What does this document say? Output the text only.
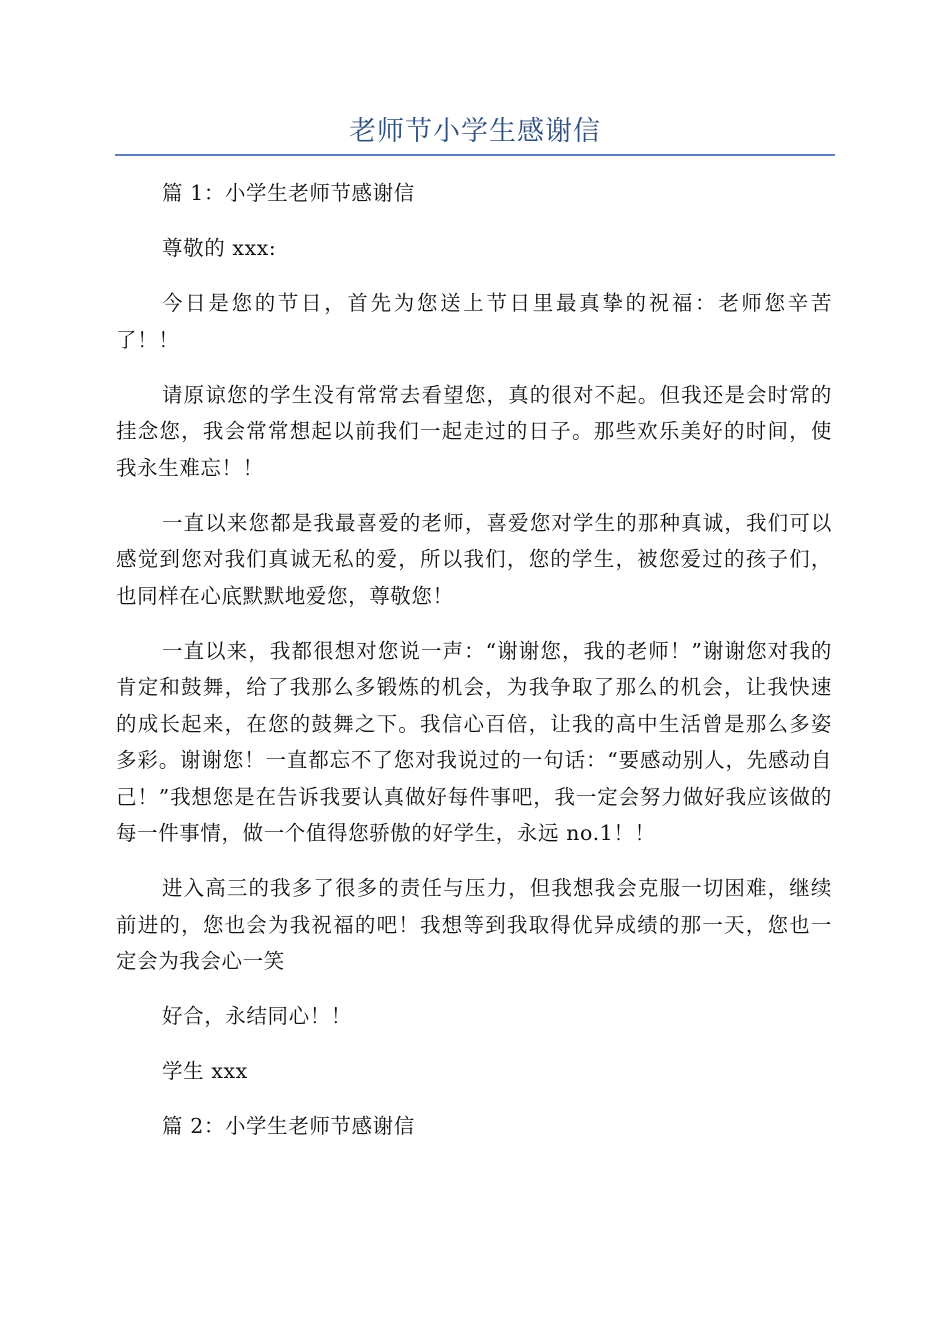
老师节小学生感谢信

篇 1：小学生老师节感谢信

尊敬的 xxx:

今日是您的节日，首先为您送上节日里最真挚的祝福：老师您辛苦了！！

请原谅您的学生没有常常去看望您，真的很对不起。但我还是会时常的挂念您，我会常常想起以前我们一起走过的日子。那些欢乐美好的时间，使我永生难忘！！

一直以来您都是我最喜爱的老师，喜爱您对学生的那种真诚，我们可以感觉到您对我们真诚无私的爱，所以我们，您的学生，被您爱过的孩子们，也同样在心底默默地爱您，尊敬您！

一直以来，我都很想对您说一声：“谢谢您，我的老师！”谢谢您对我的肯定和鼓舞，给了我那么多锻炼的机会，为我争取了那么的机会，让我快速的成长起来，在您的鼓舞之下。我信心百倍，让我的高中生活曾是那么多姿多彩。谢谢您！一直都忘不了您对我说过的一句话：“要感动别人，先感动自己！”我想您是在告诉我要认真做好每件事吧，我一定会努力做好我应该做的每一件事情，做一个值得您骄傲的好学生，永远 no.1！！

进入高三的我多了很多的责任与压力，但我想我会克服一切困难，继续前进的，您也会为我祝福的吧！我想等到我取得优异成绩的那一天，您也一定会为我会心一笑

好合，永结同心！！

学生 xxx

篇 2：小学生老师节感谢信
